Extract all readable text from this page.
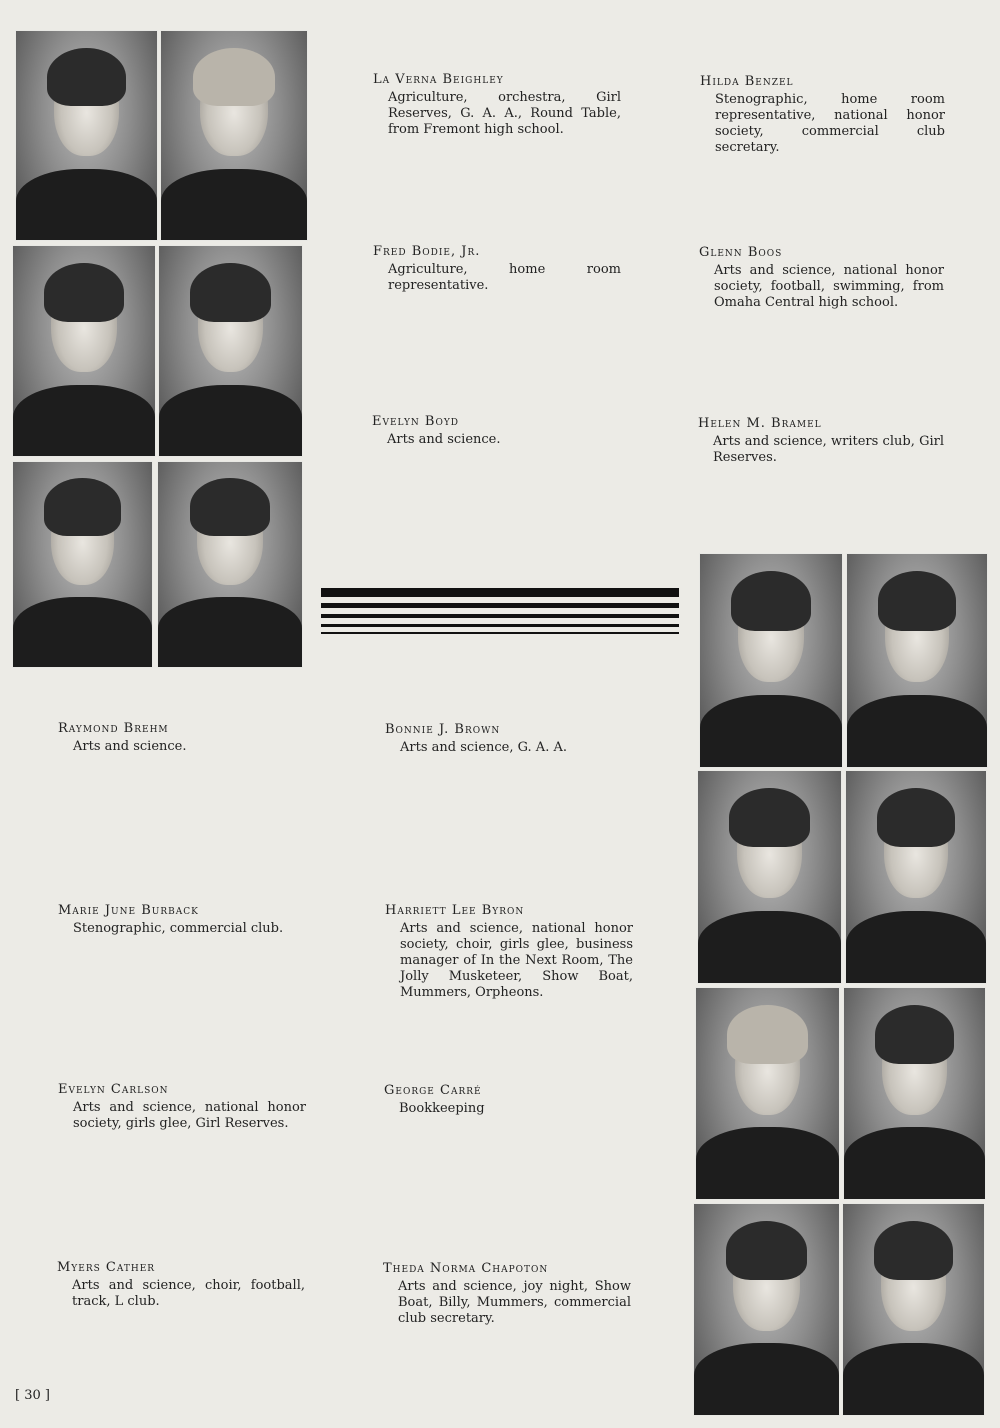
La Verna Beighley

Agriculture, orchestra, Girl Reserves, G. A. A., Round Table, from Fremont high school.

Hilda Benzel

Stenographic, home room representative, national honor society, commercial club secretary.

Fred Bodie, Jr.

Agriculture, home room representative.

Glenn Boos

Arts and science, national honor society, football, swimming, from Omaha Central high school.

Evelyn Boyd

Arts and science.

Helen M. Bramel

Arts and science, writers club, Girl Reserves.

Raymond Brehm

Arts and science.

Bonnie J. Brown

Arts and science, G. A. A.

Marie June Burback

Stenographic, commercial club.

Harriett Lee Byron

Arts and science, national honor society, choir, girls glee, business manager of In the Next Room, The Jolly Musketeer, Show Boat, Mummers, Orpheons.

Evelyn Carlson

Arts and science, national honor society, girls glee, Girl Reserves.

George Carré

Bookkeeping

Myers Cather

Arts and science, choir, football, track, L club.

Theda Norma Chapoton

Arts and science, joy night, Show Boat, Billy, Mummers, commercial club secretary.

[ 30 ]
